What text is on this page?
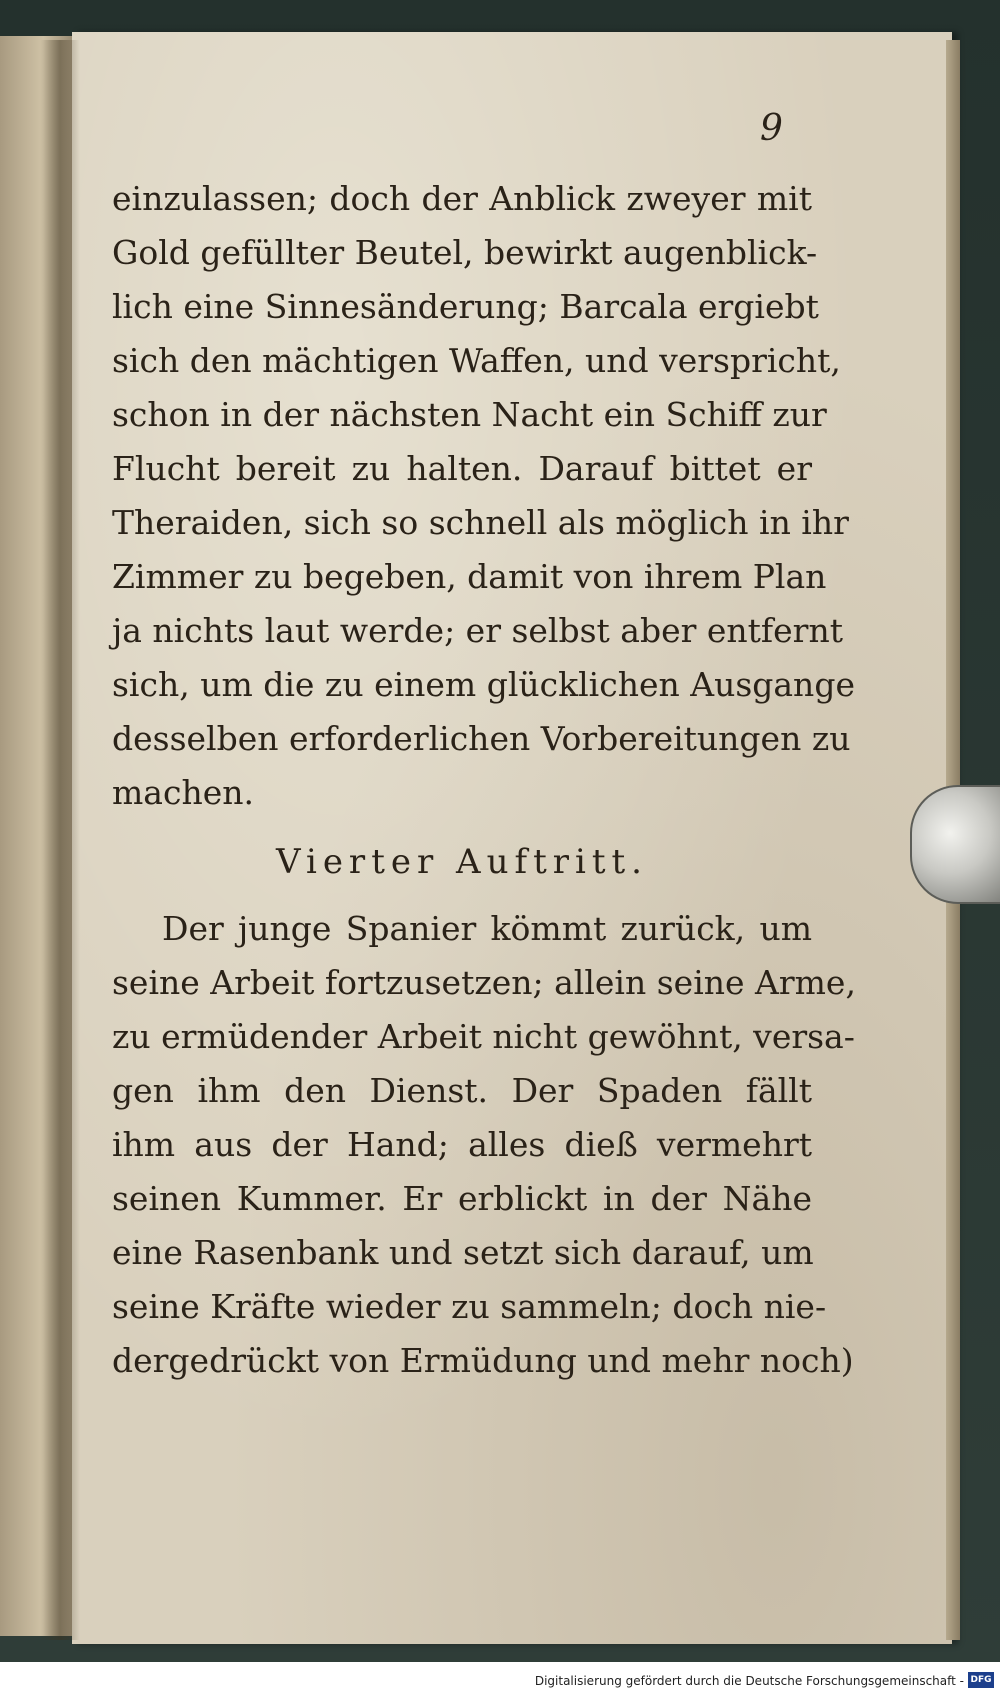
9
einzulassen; doch der Anblick zweyer mit
Gold gefüllter Beutel, bewirkt augenblick-
lich eine Sinnesänderung; Barcala ergiebt
sich den mächtigen Waffen, und verspricht,
schon in der nächsten Nacht ein Schiff zur
Flucht bereit zu halten. Darauf bittet er
Theraiden, sich so schnell als möglich in ihr
Zimmer zu begeben, damit von ihrem Plan
ja nichts laut werde; er selbst aber entfernt
sich, um die zu einem glücklichen Ausgange
desselben erforderlichen Vorbereitungen zu
machen.
Vierter Auftritt.
Der junge Spanier kömmt zurück, um
seine Arbeit fortzusetzen; allein seine Arme,
zu ermüdender Arbeit nicht gewöhnt, versa-
gen ihm den Dienst. Der Spaden fällt
ihm aus der Hand; alles dieß vermehrt
seinen Kummer. Er erblickt in der Nähe
eine Rasenbank und setzt sich darauf, um
seine Kräfte wieder zu sammeln; doch nie-
dergedrückt von Ermüdung und mehr noch)
Digitalisierung gefördert durch die Deutsche Forschungsgemeinschaft - DFG
